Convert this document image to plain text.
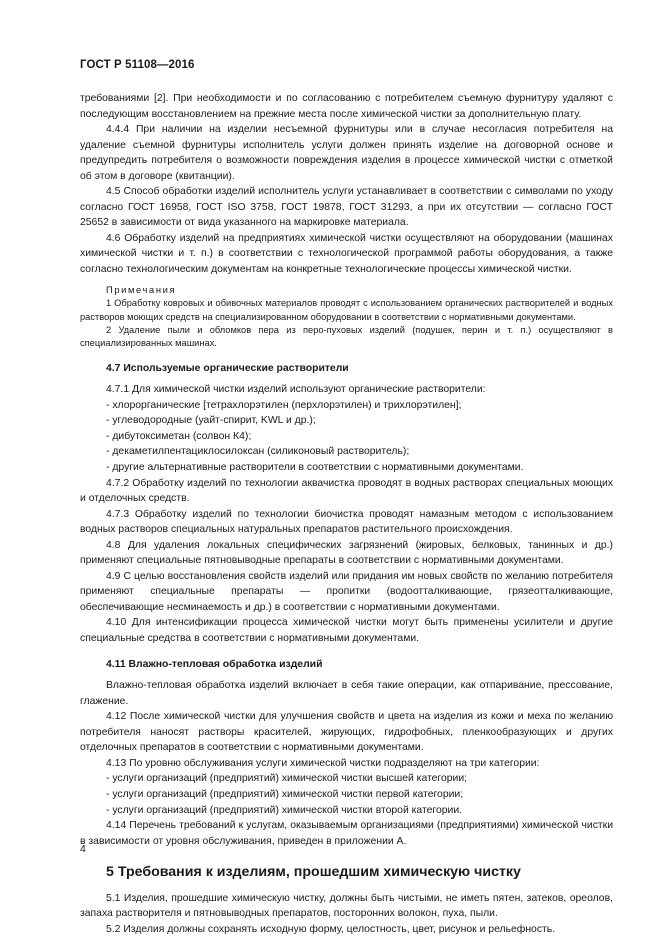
ГОСТ Р 51108—2016

требованиями [2]. При необходимости и по согласованию с потребителем съемную фурнитуру удаляют с последующим восстановлением на прежние места после химической чистки за дополнительную плату.

4.4.4 При наличии на изделии несъемной фурнитуры или в случае несогласия потребителя на удаление съемной фурнитуры исполнитель услуги должен принять изделие на договорной основе и предупредить потребителя о возможности повреждения изделия в процессе химической чистки с отметкой об этом в договоре (квитанции).

4.5 Способ обработки изделий исполнитель услуги устанавливает в соответствии с символами по уходу согласно ГОСТ 16958, ГОСТ ISO 3758, ГОСТ 19878, ГОСТ 31293, а при их отсутствии — согласно ГОСТ 25652 в зависимости от вида указанного на маркировке материала.

4.6 Обработку изделий на предприятиях химической чистки осуществляют на оборудовании (машинах химической чистки и т. п.) в соответствии с технологической программой работы оборудования, а также согласно технологическим документам на конкретные технологические процессы химической чистки.

Примечания

1 Обработку ковровых и обивочных материалов проводят с использованием органических растворителей и водных растворов моющих средств на специализированном оборудовании в соответствии с нормативными документами.

2 Удаление пыли и обломков пера из перо-пуховых изделий (подушек, перин и т. п.) осуществляют в специализированных машинах.

4.7 Используемые органические растворители

4.7.1 Для химической чистки изделий используют органические растворители:

- хлорорганические [тетрахлорэтилен (перхлорэтилен) и трихлорэтилен];

- углеводородные (уайт-спирит, KWL и др.);

- дибутоксиметан (солвон К4);

- декаметилпентациклосилоксан (силиконовый растворитель);

- другие альтернативные растворители в соответствии с нормативными документами.

4.7.2 Обработку изделий по технологии аквачистка проводят в водных растворах специальных моющих и отделочных средств.

4.7.3 Обработку изделий по технологии биочистка проводят намазным методом с использованием водных растворов специальных натуральных препаратов растительного происхождения.

4.8 Для удаления локальных специфических загрязнений (жировых, белковых, танинных и др.) применяют специальные пятновыводные препараты в соответствии с нормативными документами.

4.9 С целью восстановления свойств изделий или придания им новых свойств по желанию потребителя применяют специальные препараты — пропитки (водоотталкивающие, грязеотталкивающие, обеспечивающие несминаемость и др.) в соответствии с нормативными документами.

4.10 Для интенсификации процесса химической чистки могут быть применены усилители и другие специальные средства в соответствии с нормативными документами.

4.11 Влажно-тепловая обработка изделий

Влажно-тепловая обработка изделий включает в себя такие операции, как отпаривание, прессование, глажение.

4.12 После химической чистки для улучшения свойств и цвета на изделия из кожи и меха по желанию потребителя наносят растворы красителей, жирующих, гидрофобных, пленкообразующих и других отделочных препаратов в соответствии с нормативными документами.

4.13 По уровню обслуживания услуги химической чистки подразделяют на три категории:

- услуги организаций (предприятий) химической чистки высшей категории;

- услуги организаций (предприятий) химической чистки первой категории;

- услуги организаций (предприятий) химической чистки второй категории.

4.14 Перечень требований к услугам, оказываемым организациями (предприятиями) химической чистки в зависимости от уровня обслуживания, приведен в приложении А.

5 Требования к изделиям, прошедшим химическую чистку

5.1 Изделия, прошедшие химическую чистку, должны быть чистыми, не иметь пятен, затеков, ореолов, запаха растворителя и пятновыводных препаратов, посторонних волокон, пуха, пыли.

5.2 Изделия должны сохранять исходную форму, целостность, цвет, рисунок и рельефность.

4
